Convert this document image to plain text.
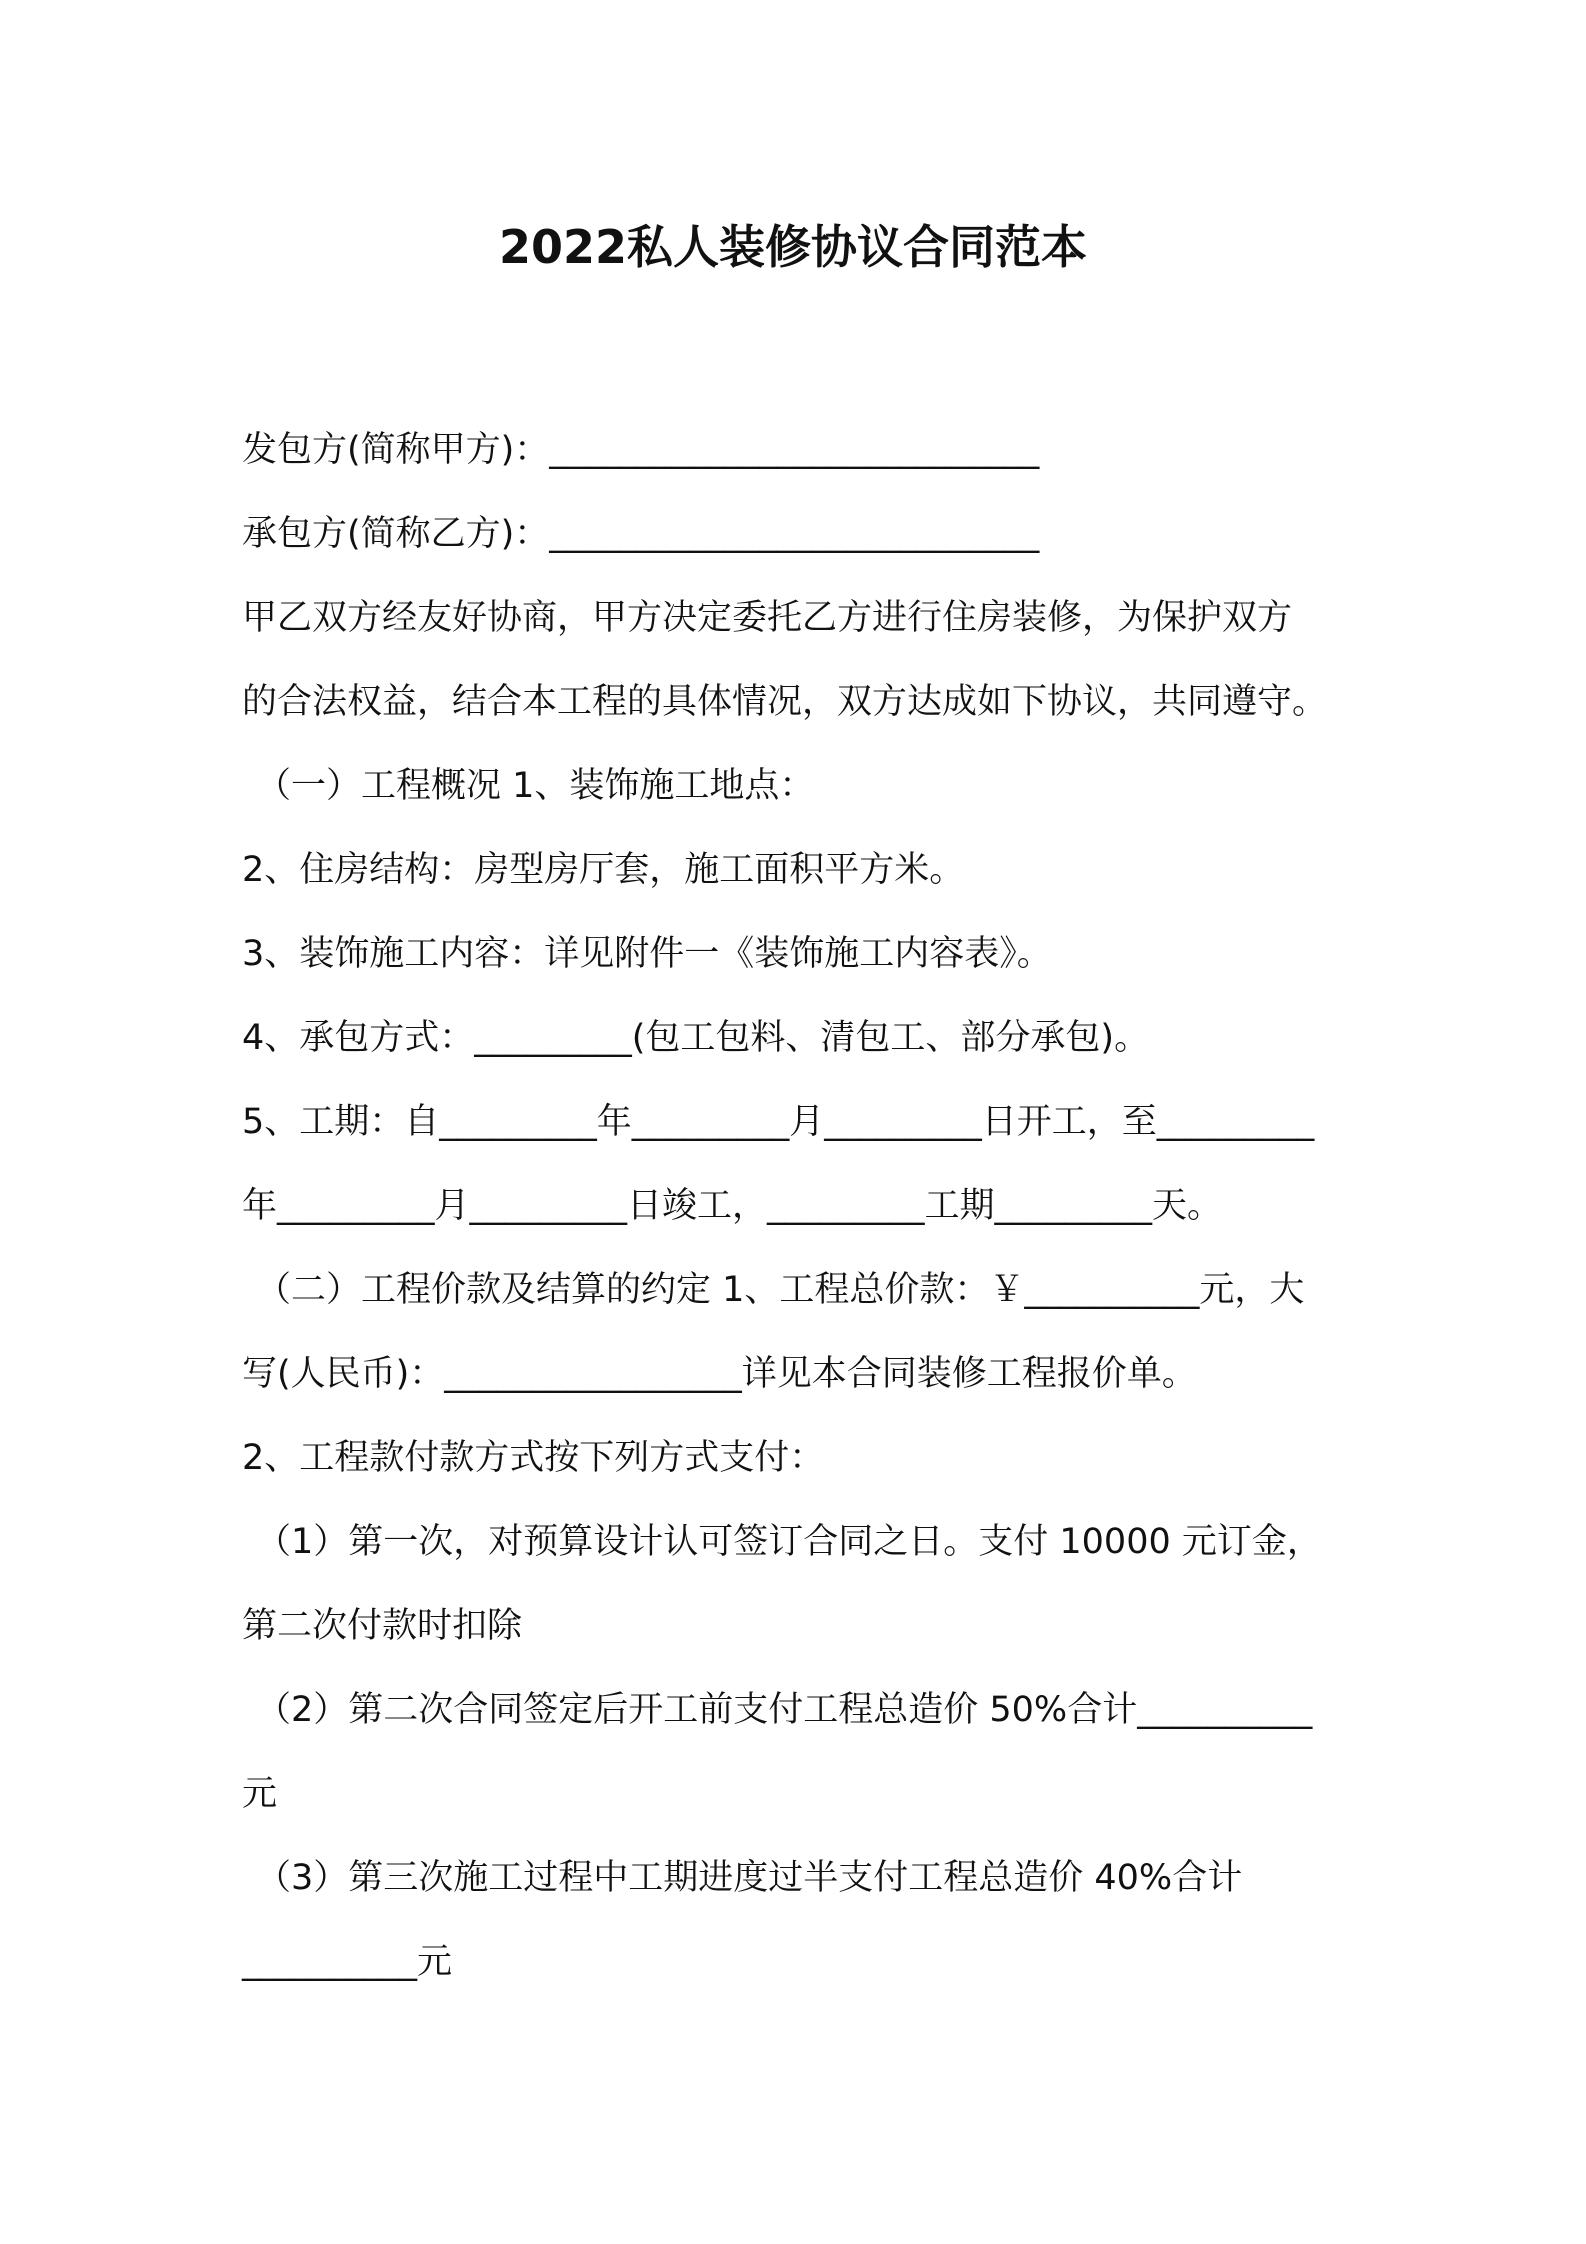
2022私人装修协议合同范本
发包方(简称甲方)：____________________________
承包方(简称乙方)：____________________________
甲乙双方经友好协商，甲方决定委托乙方进行住房装修，为保护双方
的合法权益，结合本工程的具体情况，双方达成如下协议，共同遵守。
（一）工程概况 1、装饰施工地点：
2、住房结构：房型房厅套，施工面积平方米。
3、装饰施工内容：详见附件一《装饰施工内容表》。
4、承包方式：_________(包工包料、清包工、部分承包)。
5、工期：自_________年_________月_________日开工，至_________
年_________月_________日竣工，_________工期_________天。
（二）工程价款及结算的约定 1、工程总价款：￥__________元，大
写(人民币)：_________________详见本合同装修工程报价单。
2、工程款付款方式按下列方式支付：
（1）第一次，对预算设计认可签订合同之日。支付 10000 元订金，
第二次付款时扣除
（2）第二次合同签定后开工前支付工程总造价 50%合计__________
元
（3）第三次施工过程中工期进度过半支付工程总造价 40%合计
__________元
